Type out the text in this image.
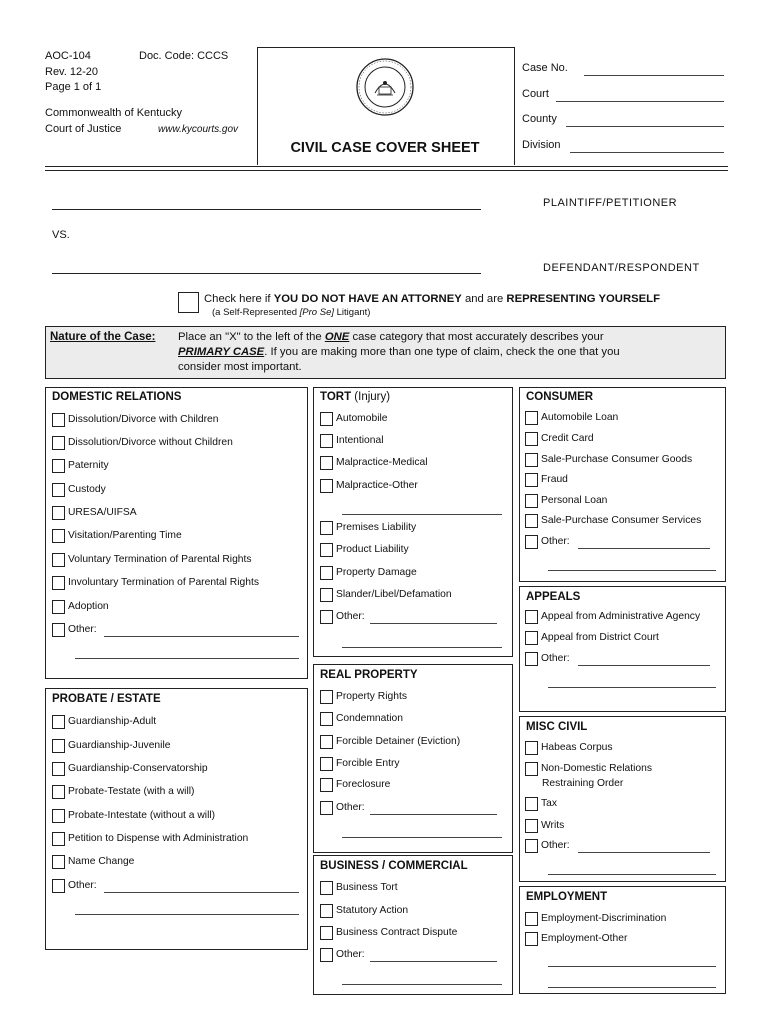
AOC-104	Doc. Code: CCCS
Rev. 12-20
Page 1 of 1
Commonwealth of Kentucky
Court of Justice	www.kycourts.gov
CIVIL CASE COVER SHEET
Case No.
Court
County
Division
PLAINTIFF/PETITIONER
VS.
DEFENDANT/RESPONDENT
Check here if YOU DO NOT HAVE AN ATTORNEY and are REPRESENTING YOURSELF
(a Self-Represented [Pro Se] Litigant)
Nature of the Case: Place an "X" to the left of the ONE case category that most accurately describes your
PRIMARY CASE. If you are making more than one type of claim, check the one that you
consider most important.
DOMESTIC RELATIONS
PROBATE / ESTATE
TORT (Injury)
REAL PROPERTY
BUSINESS / COMMERCIAL
CONSUMER
APPEALS
MISC CIVIL
EMPLOYMENT
Dissolution/Divorce with Children
Dissolution/Divorce without Children
Paternity
Custody
URESA/UIFSA
Visitation/Parenting Time
Voluntary Termination of Parental Rights
Involuntary Termination of Parental Rights
Adoption
Other:
Guardianship-Adult
Guardianship-Juvenile
Guardianship-Conservatorship
Probate-Testate (with a will)
Probate-Intestate (without a will)
Petition to Dispense with Administration
Name Change
Other:
Automobile
Intentional
Malpractice-Medical
Malpractice-Other
Premises Liability
Product Liability
Property Damage
Slander/Libel/Defamation
Other:
Property Rights
Condemnation
Forcible Detainer (Eviction)
Forcible Entry
Foreclosure
Other:
Business Tort
Statutory Action
Business Contract Dispute
Other:
Automobile Loan
Credit Card
Sale-Purchase Consumer Goods
Fraud
Personal Loan
Sale-Purchase Consumer Services
Other:
Appeal from Administrative Agency
Appeal from District Court
Other:
Habeas Corpus
Non-Domestic Relations
Tax
Writs
Other:
Restraining Order
Employment-Discrimination
Employment-Other
